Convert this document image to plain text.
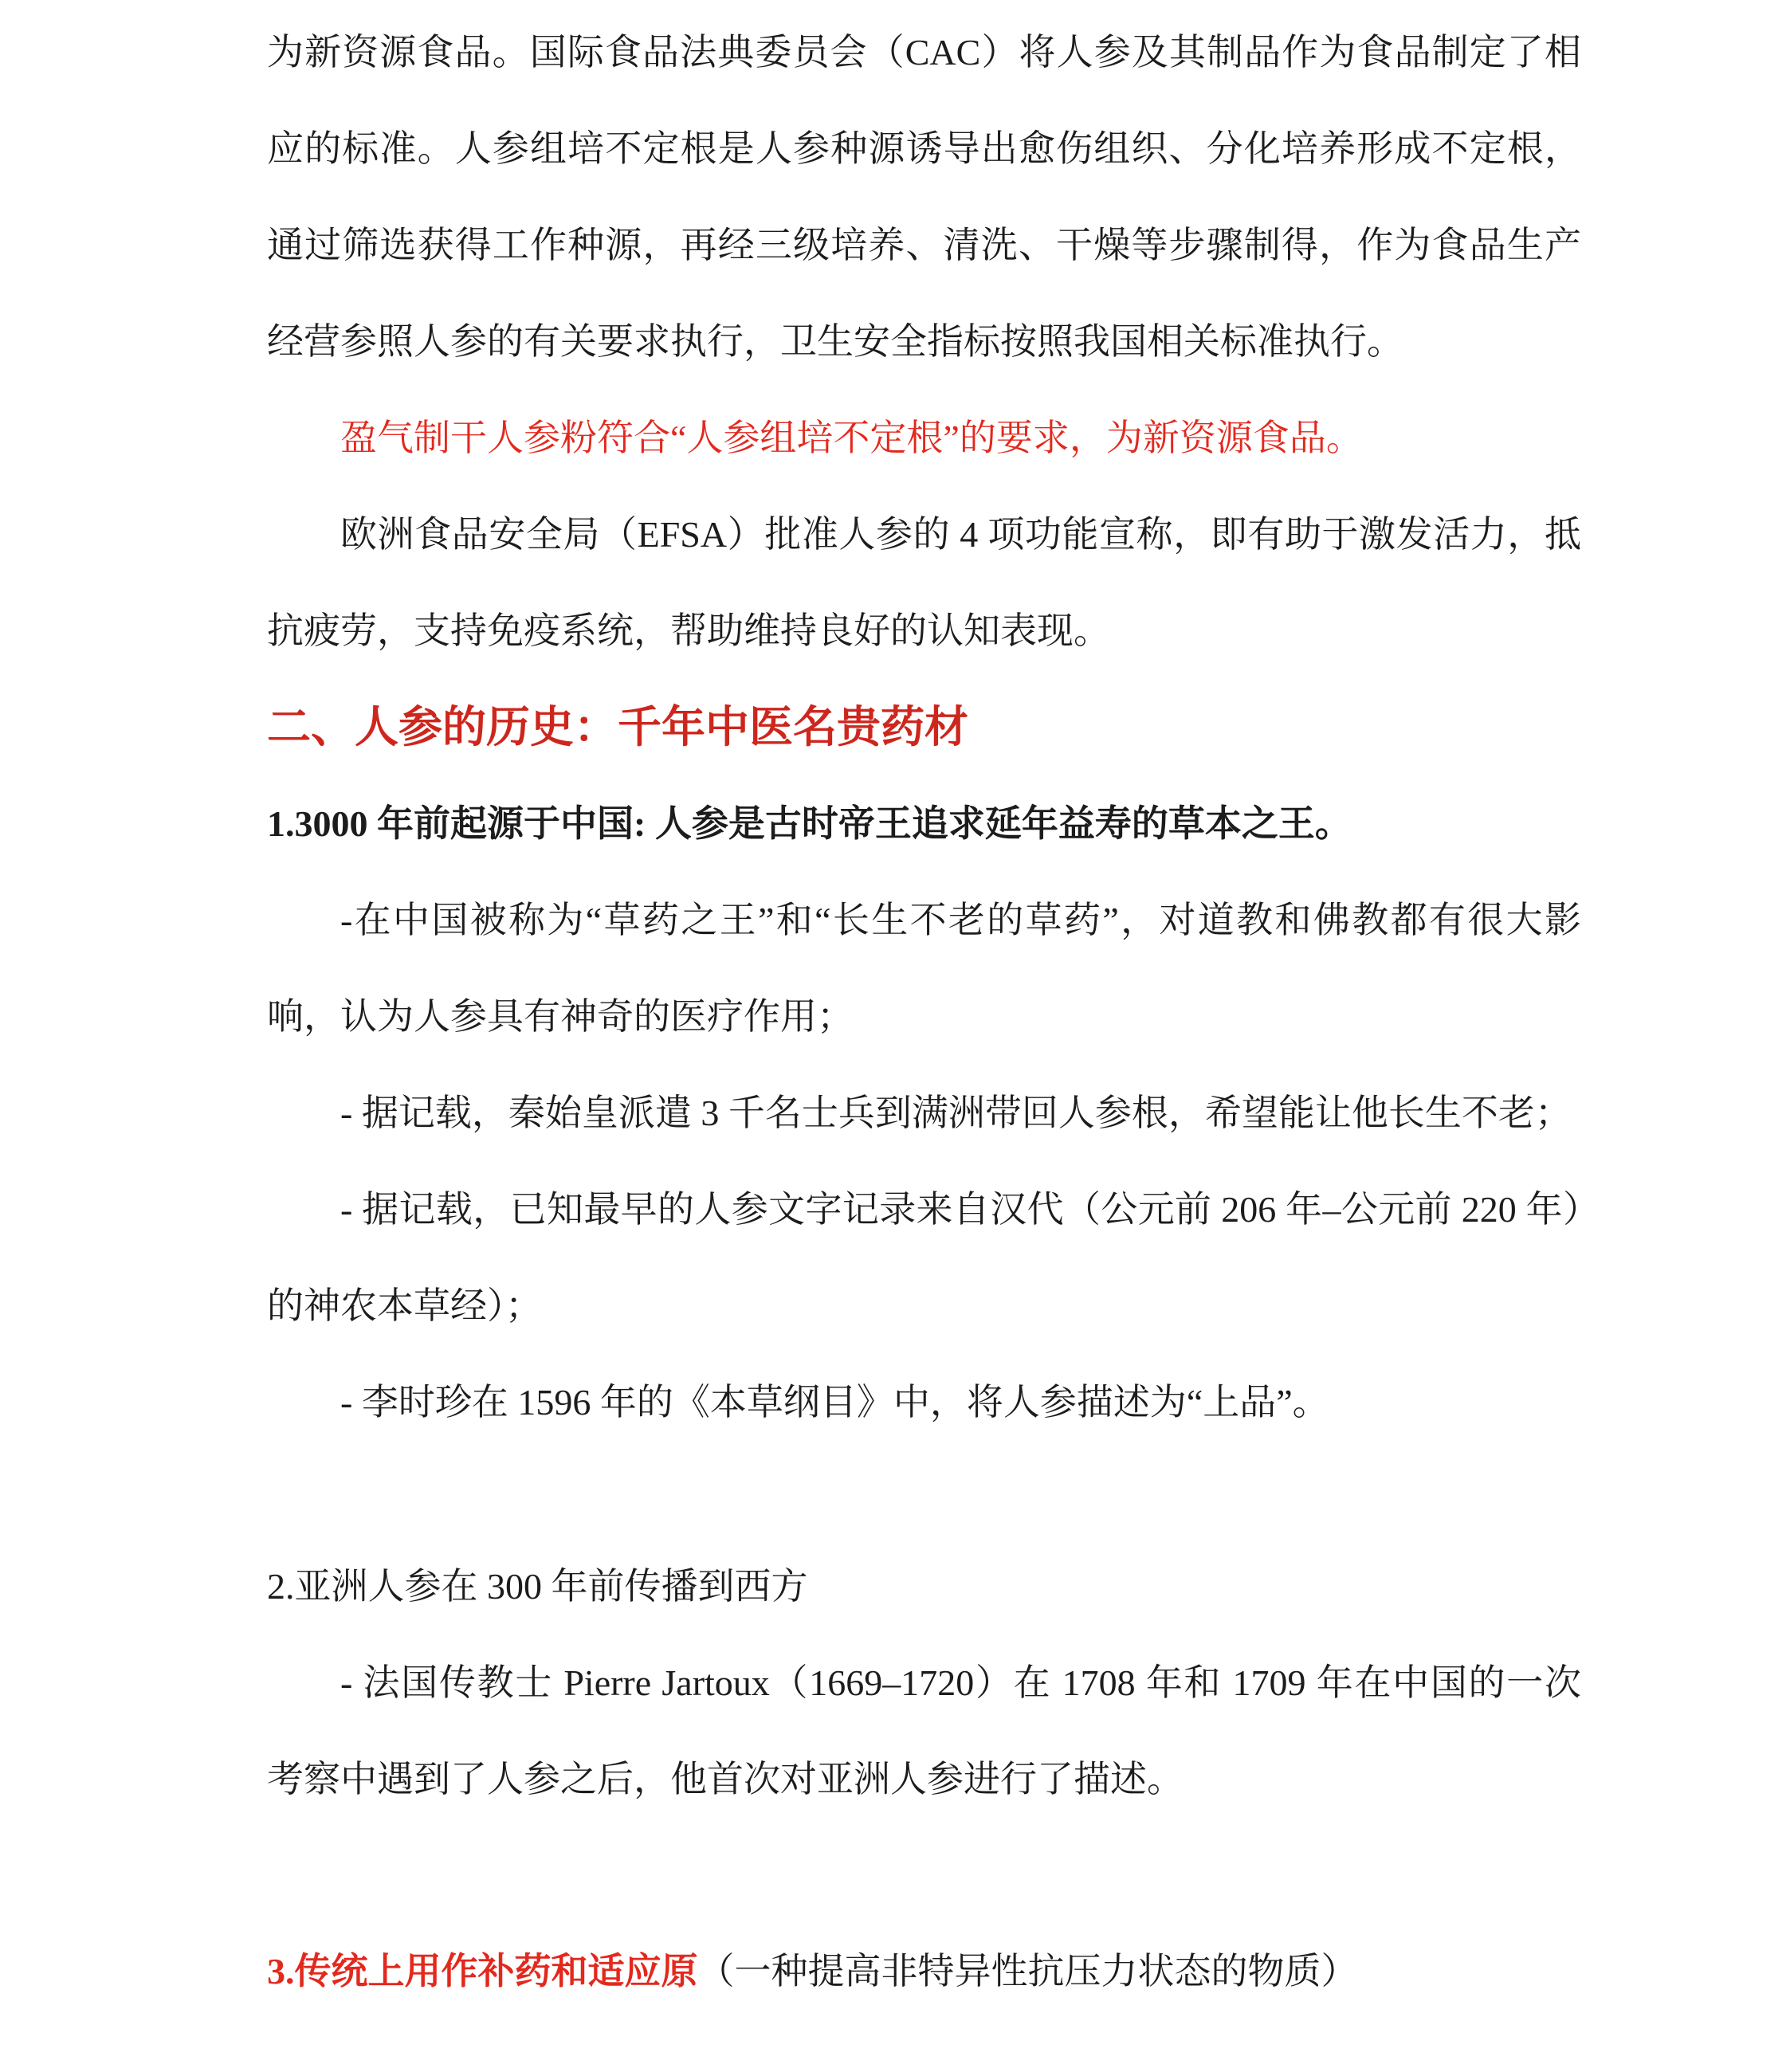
为新资源食品。国际食品法典委员会（CAC）将人参及其制品作为食品制定了相应的标准。人参组培不定根是人参种源诱导出愈伤组织、分化培养形成不定根，通过筛选获得工作种源，再经三级培养、清洗、干燥等步骤制得，作为食品生产经营参照人参的有关要求执行，卫生安全指标按照我国相关标准执行。

盈气制干人参粉符合“人参组培不定根”的要求，为新资源食品。

欧洲食品安全局（EFSA）批准人参的 4 项功能宣称，即有助于激发活力，抵抗疲劳，支持免疫系统，帮助维持良好的认知表现。

二、人参的历史：千年中医名贵药材

1.3000 年前起源于中国: 人参是古时帝王追求延年益寿的草本之王。

-在中国被称为“草药之王”和“长生不老的草药”，对道教和佛教都有很大影响，认为人参具有神奇的医疗作用；

- 据记载，秦始皇派遣 3 千名士兵到满洲带回人参根，希望能让他长生不老；

- 据记载，已知最早的人参文字记录来自汉代（公元前 206 年–公元前 220 年）的神农本草经）；

- 李时珍在 1596 年的《本草纲目》中，将人参描述为“上品”。

2.亚洲人参在 300 年前传播到西方

- 法国传教士 Pierre Jartoux（1669–1720）在 1708 年和 1709 年在中国的一次考察中遇到了人参之后，他首次对亚洲人参进行了描述。

3.传统上用作补药和适应原（一种提高非特异性抗压力状态的物质）
